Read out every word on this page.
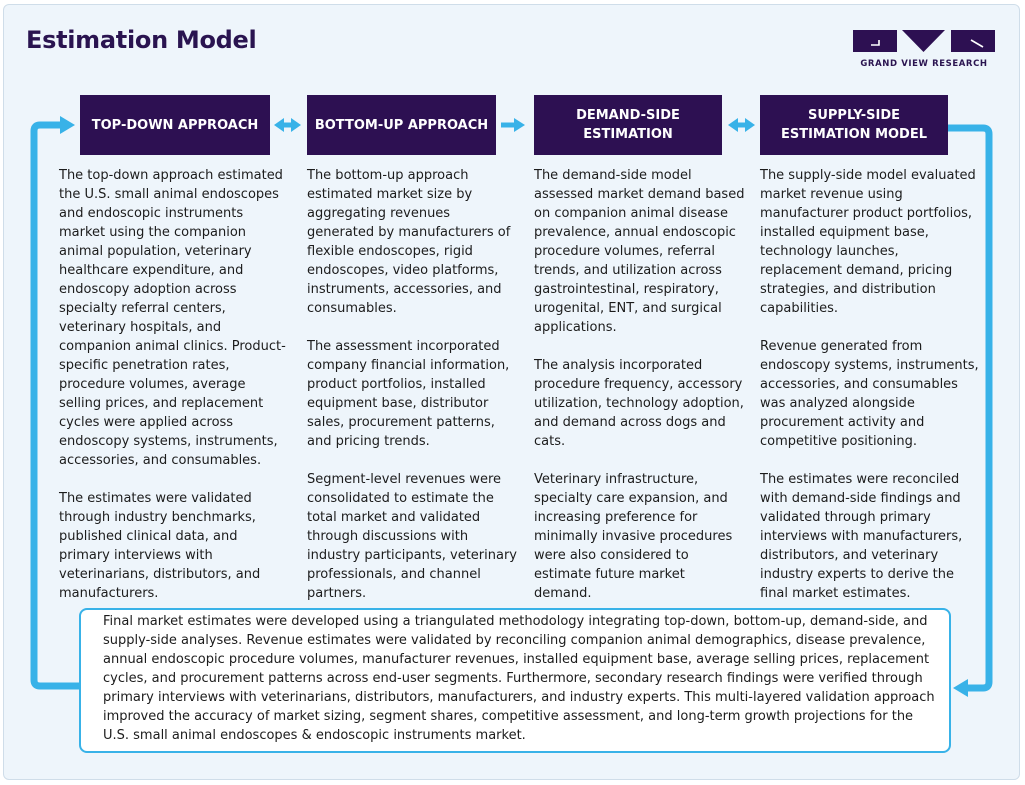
Estimation Model
GRAND VIEW RESEARCH
TOP-DOWN APPROACH	BOTTOM-UP APPROACH
DEMAND-SIDE ESTIMATION
SUPPLY-SIDE ESTIMATION MODEL

The top-down approach estimated the U.S. small animal endoscopes and endoscopic instruments market using the companion animal population, veterinary healthcare expenditure, and endoscopy adoption across specialty referral centers, veterinary hospitals, and companion animal clinics. Product-specific penetration rates, procedure volumes, average selling prices, and replacement cycles were applied across endoscopy systems, instruments, accessories, and consumables.

The estimates were validated through industry benchmarks, published clinical data, and primary interviews with veterinarians, distributors, and manufacturers.

The bottom-up approach estimated market size by aggregating revenues generated by manufacturers of flexible endoscopes, rigid endoscopes, video platforms, instruments, accessories, and consumables.

The assessment incorporated company financial information, product portfolios, installed equipment base, distributor sales, procurement patterns, and pricing trends.

Segment-level revenues were consolidated to estimate the total market and validated through discussions with industry participants, veterinary professionals, and channel partners.

The demand-side model assessed market demand based on companion animal disease prevalence, annual endoscopic procedure volumes, referral trends, and utilization across gastrointestinal, respiratory, urogenital, ENT, and surgical applications.

The analysis incorporated procedure frequency, accessory utilization, technology adoption, and demand across dogs and cats.

Veterinary infrastructure, specialty care expansion, and increasing preference for minimally invasive procedures were also considered to estimate future market demand.

The supply-side model evaluated market revenue using manufacturer product portfolios, installed equipment base, technology launches, replacement demand, pricing strategies, and distribution capabilities.

Revenue generated from endoscopy systems, instruments, accessories, and consumables was analyzed alongside procurement activity and competitive positioning.

The estimates were reconciled with demand-side findings and validated through primary interviews with manufacturers, distributors, and veterinary industry experts to derive the final market estimates.

Final market estimates were developed using a triangulated methodology integrating top-down, bottom-up, demand-side, and supply-side analyses. Revenue estimates were validated by reconciling companion animal demographics, disease prevalence, annual endoscopic procedure volumes, manufacturer revenues, installed equipment base, average selling prices, replacement cycles, and procurement patterns across end-user segments. Furthermore, secondary research findings were verified through primary interviews with veterinarians, distributors, manufacturers, and industry experts. This multi-layered validation approach improved the accuracy of market sizing, segment shares, competitive assessment, and long-term growth projections for the U.S. small animal endoscopes & endoscopic instruments market.
